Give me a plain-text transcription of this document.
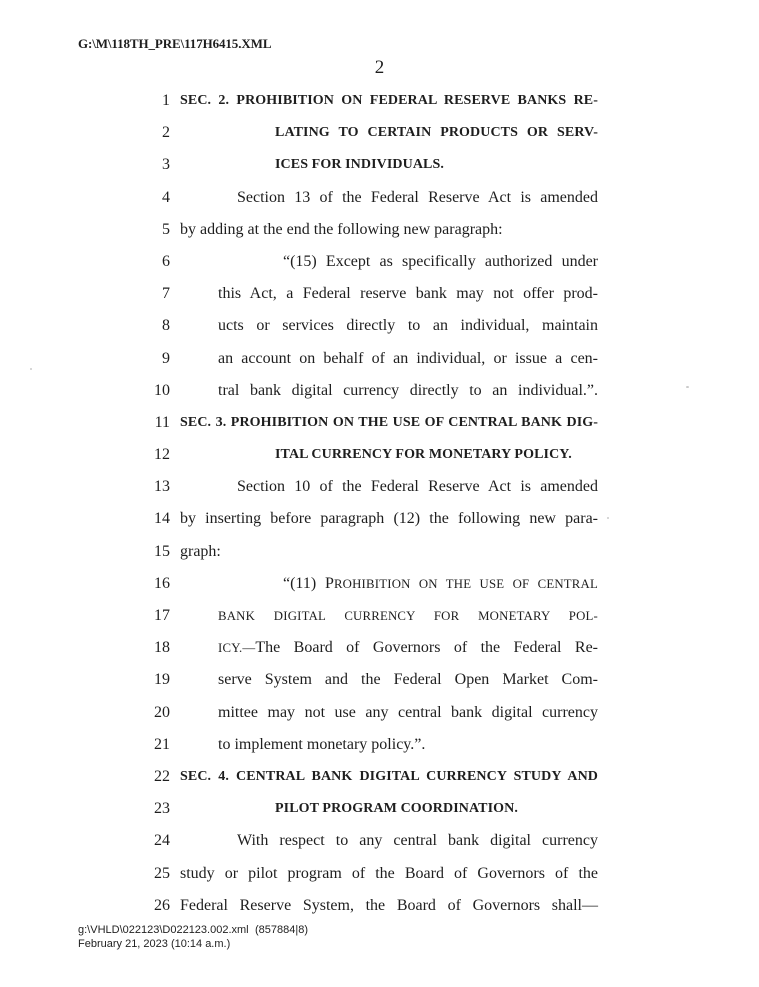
G:\M\118TH_PRE\117H6415.XML
2
1 SEC. 2. PROHIBITION ON FEDERAL RESERVE BANKS RE-
2	LATING TO CERTAIN PRODUCTS OR SERV-
3	ICES FOR INDIVIDUALS.
4	Section 13 of the Federal Reserve Act is amended
5 by adding at the end the following new paragraph:
6	“(15) Except as specifically authorized under
7	this Act, a Federal reserve bank may not offer prod-
8	ucts or services directly to an individual, maintain
9	an account on behalf of an individual, or issue a cen-
10	tral bank digital currency directly to an individual.”.
11 SEC. 3. PROHIBITION ON THE USE OF CENTRAL BANK DIG-
12	ITAL CURRENCY FOR MONETARY POLICY.
13	Section 10 of the Federal Reserve Act is amended
14 by inserting before paragraph (12) the following new para-
15 graph:
16	“(11) PROHIBITION ON THE USE OF CENTRAL
17	BANK DIGITAL CURRENCY FOR MONETARY POL-
18	ICY.—The Board of Governors of the Federal Re-
19	serve System and the Federal Open Market Com-
20	mittee may not use any central bank digital currency
21	to implement monetary policy.”.
22 SEC. 4. CENTRAL BANK DIGITAL CURRENCY STUDY AND
23	PILOT PROGRAM COORDINATION.
24	With respect to any central bank digital currency
25 study or pilot program of the Board of Governors of the
26 Federal Reserve System, the Board of Governors shall—
g:\VHLD\022123\D022123.002.xml (857884|8)
February 21, 2023 (10:14 a.m.)
